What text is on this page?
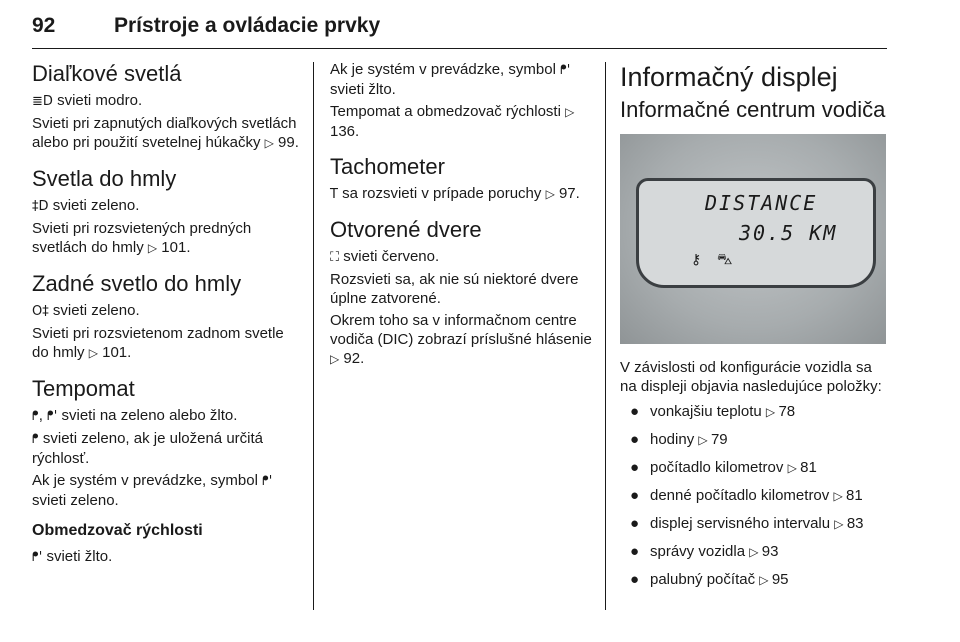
92	Prístroje a ovládacie prvky
Diaľkové svetlá

≣D svieti modro.

Svieti pri zapnutých diaľkových svetlách alebo pri použití svetelnej húkačky ▷ 99.

Svetla do hmly

‡D svieti zeleno.

Svieti pri rozsvietených predných svetlách do hmly ▷ 101.

Zadné svetlo do hmly

O‡ svieti zeleno.

Svieti pri rozsvietenom zadnom svetle do hmly ▷ 101.

Tempomat

ᖰ, ᖰ' svieti na zeleno alebo žlto.

ᖰ svieti zeleno, ak je uložená určitá rýchlosť.

Ak je systém v prevádzke, symbol ᖰ' svieti zeleno.

Obmedzovač rýchlosti

ᖰ' svieti žlto.

Ak je systém v prevádzke, symbol ᖰ' svieti žlto.

Tempomat a obmedzovač rýchlosti ▷ 136.

Tachometer

T sa rozsvieti v prípade poruchy ▷ 97.

Otvorené dvere

⛶ svieti červeno.

Rozsvieti sa, ak nie sú niektoré dvere úplne zatvorené.

Okrem toho sa v informačnom centre vodiča (DIC) zobrazí príslušné hlásenie ▷ 92.

Informačný displej
Informačné centrum vodiča
DISTANCE
30.5 KM
⚷ ⛍

V závislosti od konfigurácie vozidla sa na displeji objavia nasledujúce položky:

● vonkajšiu teplotu ▷ 78
● hodiny ▷ 79
● počítadlo kilometrov ▷ 81
● denné počítadlo kilometrov ▷ 81
● displej servisného intervalu ▷ 83
● správy vozidla ▷ 93
● palubný počítač ▷ 95
